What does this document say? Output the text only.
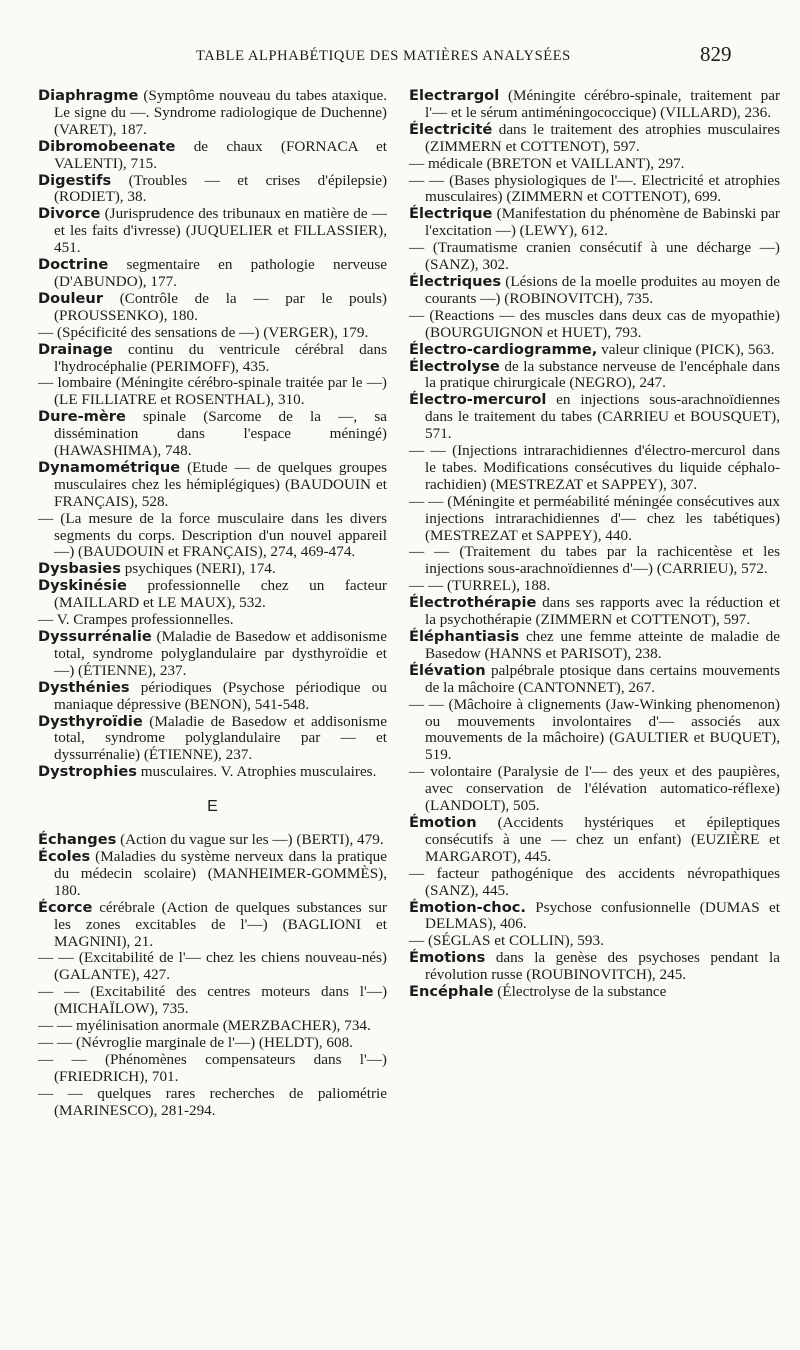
TABLE ALPHABÉTIQUE DES MATIÈRES ANALYSÉES	829
Diaphragme (Symptôme nouveau du tabes ataxique. Le signe du —. Syndrome radiologique de Duchenne) (VARET), 187.
Dibromobeenate de chaux (FORNACA et VALENTI), 715.
Digestifs (Troubles — et crises d'épilepsie) (RODIET), 38.
Divorce (Jurisprudence des tribunaux en matière de — et les faits d'ivresse) (JUQUELIER et FILLASSIER), 451.
Doctrine segmentaire en pathologie nerveuse (D'ABUNDO), 177.
Douleur (Contrôle de la — par le pouls) (PROUSSENKO), 180.
— (Spécificité des sensations de —) (VERGER), 179.
Drainage continu du ventricule cérébral dans l'hydrocéphalie (PERIMOFF), 435.
— lombaire (Méningite cérébro-spinale traitée par le —) (LE FILLIATRE et ROSENTHAL), 310.
Dure-mère spinale (Sarcome de la —, sa dissémination dans l'espace méningé) (HAWASHIMA), 748.
Dynamométrique (Etude — de quelques groupes musculaires chez les hémiplégiques) (BAUDOUIN et FRANÇAIS), 528.
— (La mesure de la force musculaire dans les divers segments du corps. Description d'un nouvel appareil —) (BAUDOUIN et FRANÇAIS), 274, 469-474.
Dysbasies psychiques (NERI), 174.
Dyskinésie professionnelle chez un facteur (MAILLARD et LE MAUX), 532.
— V. Crampes professionnelles.
Dyssurrénalie (Maladie de Basedow et addisonisme total, syndrome polyglandulaire par dysthyroïdie et —) (ÉTIENNE), 237.
Dysthénies périodiques (Psychose périodique ou maniaque dépressive (BENON), 541-548.
Dysthyroïdie (Maladie de Basedow et addisonisme total, syndrome polyglandulaire par — et dyssurrénalie) (ÉTIENNE), 237.
Dystrophies musculaires. V. Atrophies musculaires.
E
Échanges (Action du vague sur les —) (BERTI), 479.
Écoles (Maladies du système nerveux dans la pratique du médecin scolaire) (MANHEIMER-GOMMÈS), 180.
Écorce cérébrale (Action de quelques substances sur les zones excitables de l'—) (BAGLIONI et MAGNINI), 21.
— — (Excitabilité de l'— chez les chiens nouveau-nés) (GALANTE), 427.
— — (Excitabilité des centres moteurs dans l'—) (MICHAÏLOW), 735.
— — myélinisation anormale (MERZBACHER), 734.
— — (Névroglie marginale de l'—) (HELDT), 608.
— — (Phénomènes compensateurs dans l'—) (FRIEDRICH), 701.
— — quelques rares recherches de paliométrie (MARINESCO), 281-294.
Electrargol (Méningite cérébro-spinale, traitement par l'— et le sérum antiméningococcique) (VILLARD), 236.
Électricité dans le traitement des atrophies musculaires (ZIMMERN et COTTENOT), 597.
— médicale (BRETON et VAILLANT), 297.
— — (Bases physiologiques de l'—. Electricité et atrophies musculaires) (ZIMMERN et COTTENOT), 699.
Électrique (Manifestation du phénomène de Babinski par l'excitation —) (LEWY), 612.
— (Traumatisme cranien consécutif à une décharge —) (SANZ), 302.
Électriques (Lésions de la moelle produites au moyen de courants —) (ROBINOVITCH), 735.
— (Reactions — des muscles dans deux cas de myopathie) (BOURGUIGNON et HUET), 793.
Électro-cardiogramme, valeur clinique (PICK), 563.
Électrolyse de la substance nerveuse de l'encéphale dans la pratique chirurgicale (NEGRO), 247.
Électro-mercurol en injections sous-arachnoïdiennes dans le traitement du tabes (CARRIEU et BOUSQUET), 571.
— — (Injections intrarachidiennes d'électro-mercurol dans le tabes. Modifications consécutives du liquide céphalo-rachidien) (MESTREZAT et SAPPEY), 307.
— — (Méningite et perméabilité méningée consécutives aux injections intrarachidiennes d'— chez les tabétiques) (MESTREZAT et SAPPEY), 440.
— — (Traitement du tabes par la rachicentèse et les injections sous-arachnoïdiennes d'—) (CARRIEU), 572.
— — (TURREL), 188.
Électrothérapie dans ses rapports avec la réduction et la psychothérapie (ZIMMERN et COTTENOT), 597.
Éléphantiasis chez une femme atteinte de maladie de Basedow (HANNS et PARISOT), 238.
Élévation palpébrale ptosique dans certains mouvements de la mâchoire (CANTONNET), 267.
— — (Mâchoire à clignements (Jaw-Winking phenomenon) ou mouvements involontaires d'— associés aux mouvements de la mâchoire) (GAULTIER et BUQUET), 519.
— volontaire (Paralysie de l'— des yeux et des paupières, avec conservation de l'élévation automatico-réflexe) (LANDOLT), 505.
Émotion (Accidents hystériques et épileptiques consécutifs à une — chez un enfant) (EUZIÈRE et MARGAROT), 445.
— facteur pathogénique des accidents névropathiques (SANZ), 445.
Émotion-choc. Psychose confusionnelle (DUMAS et DELMAS), 406.
— (SÉGLAS et COLLIN), 593.
Émotions dans la genèse des psychoses pendant la révolution russe (ROUBINOVITCH), 245.
Encéphale (Électrolyse de la substance
